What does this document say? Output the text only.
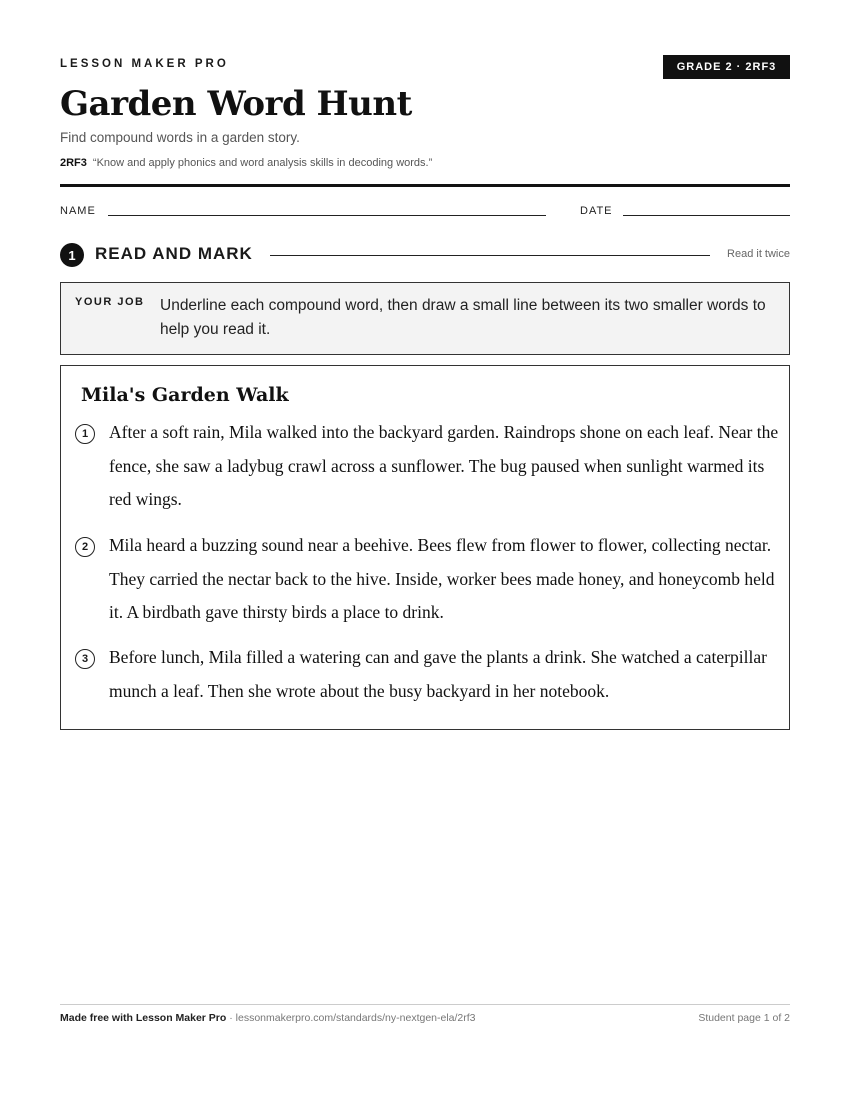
LESSON MAKER PRO	GRADE 2 · 2RF3
Garden Word Hunt
Find compound words in a garden story.
2RF3 “Know and apply phonics and word analysis skills in decoding words.”
NAME	DATE
1	READ AND MARK	Read it twice
YOUR JOB Underline each compound word, then draw a small line between its two smaller words to help you read it.
Mila's Garden Walk
1	After a soft rain, Mila walked into the backyard garden. Raindrops shone on each leaf. Near the fence, she saw a ladybug crawl across a sunflower. The bug paused when sunlight warmed its red wings.
2	Mila heard a buzzing sound near a beehive. Bees flew from flower to flower, collecting nectar. They carried the nectar back to the hive. Inside, worker bees made honey, and honeycomb held it. A birdbath gave thirsty birds a place to drink.
3	Before lunch, Mila filled a watering can and gave the plants a drink. She watched a caterpillar munch a leaf. Then she wrote about the busy backyard in her notebook.
Made free with Lesson Maker Pro · lessonmakerpro.com/standards/ny-nextgen-ela/2rf3	Student page 1 of 2
